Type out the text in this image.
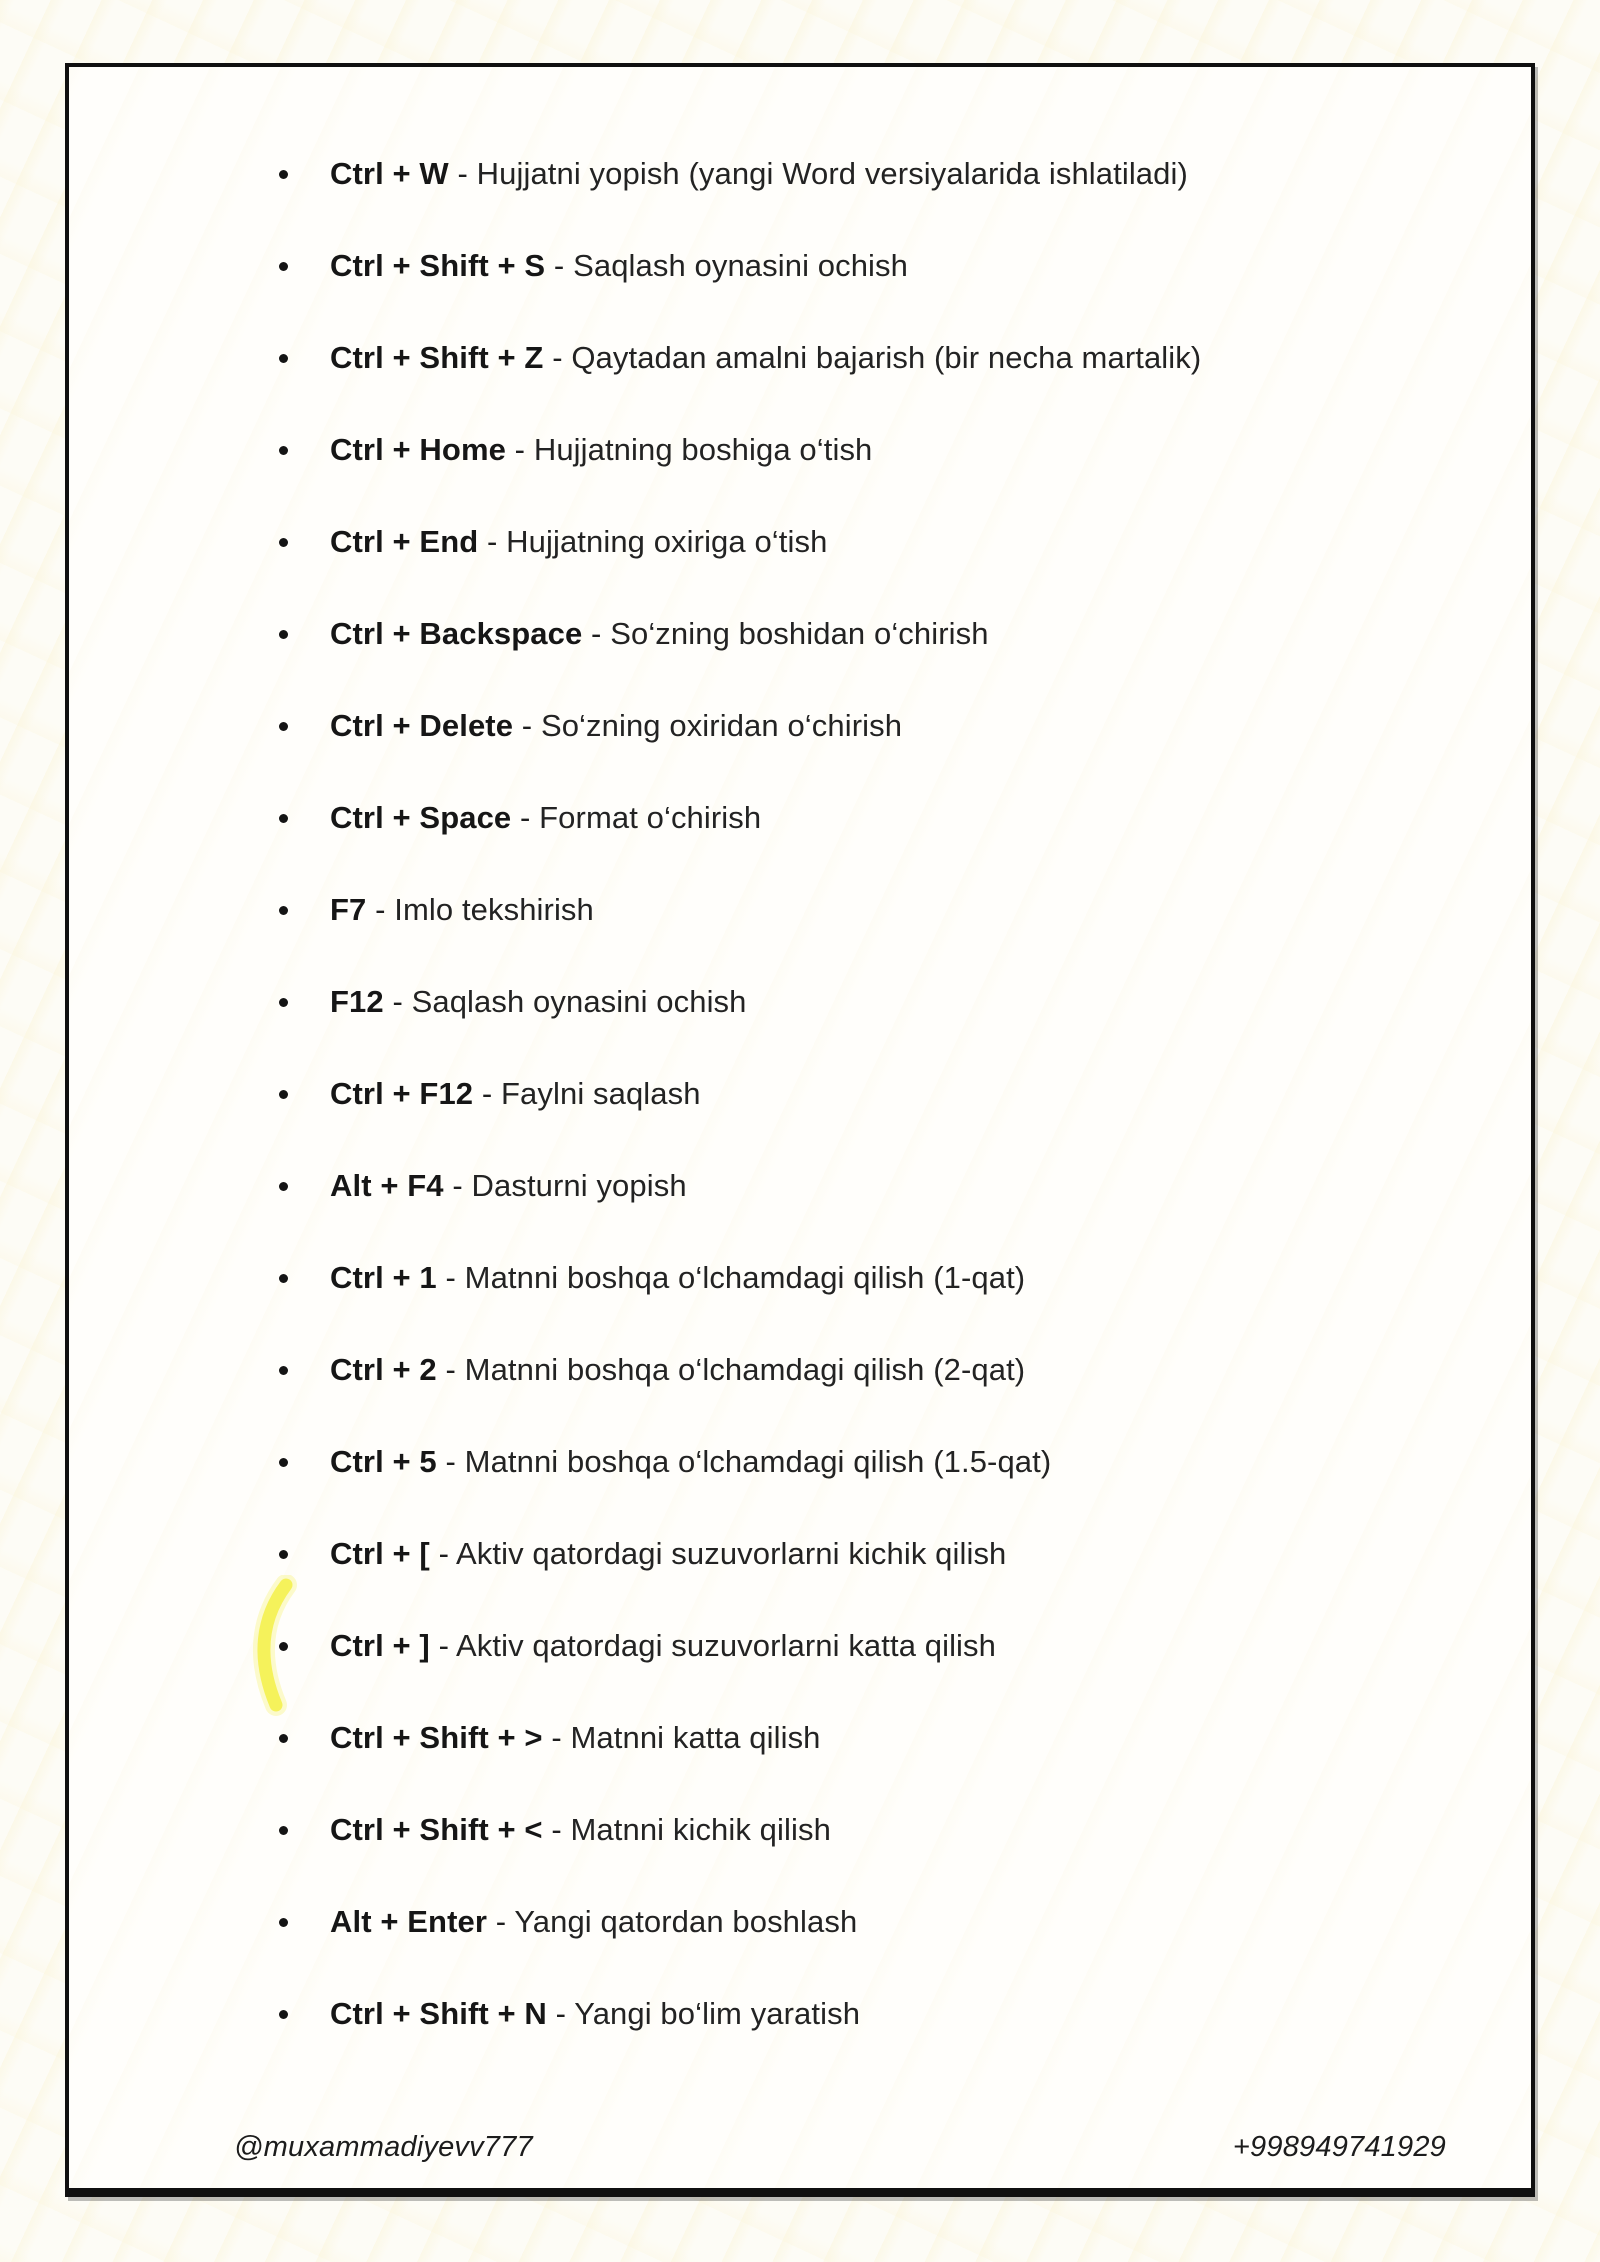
Ctrl + W - Hujjatni yopish (yangi Word versiyalarida ishlatiladi)
Ctrl + Shift + S - Saqlash oynasini ochish
Ctrl + Shift + Z - Qaytadan amalni bajarish (bir necha martalik)
Ctrl + Home - Hujjatning boshiga o‘tish
Ctrl + End - Hujjatning oxiriga o‘tish
Ctrl + Backspace - So‘zning boshidan o‘chirish
Ctrl + Delete - So‘zning oxiridan o‘chirish
Ctrl + Space - Format o‘chirish
F7 - Imlo tekshirish
F12 - Saqlash oynasini ochish
Ctrl + F12 - Faylni saqlash
Alt + F4 - Dasturni yopish
Ctrl + 1 - Matnni boshqa o‘lchamdagi qilish (1-qat)
Ctrl + 2 - Matnni boshqa o‘lchamdagi qilish (2-qat)
Ctrl + 5 - Matnni boshqa o‘lchamdagi qilish (1.5-qat)
Ctrl + [ - Aktiv qatordagi suzuvorlarni kichik qilish
Ctrl + ] - Aktiv qatordagi suzuvorlarni katta qilish
Ctrl + Shift + > - Matnni katta qilish
Ctrl + Shift + < - Matnni kichik qilish
Alt + Enter - Yangi qatordan boshlash
Ctrl + Shift + N - Yangi bo‘lim yaratish
@muxammadiyevv777	+998949741929
